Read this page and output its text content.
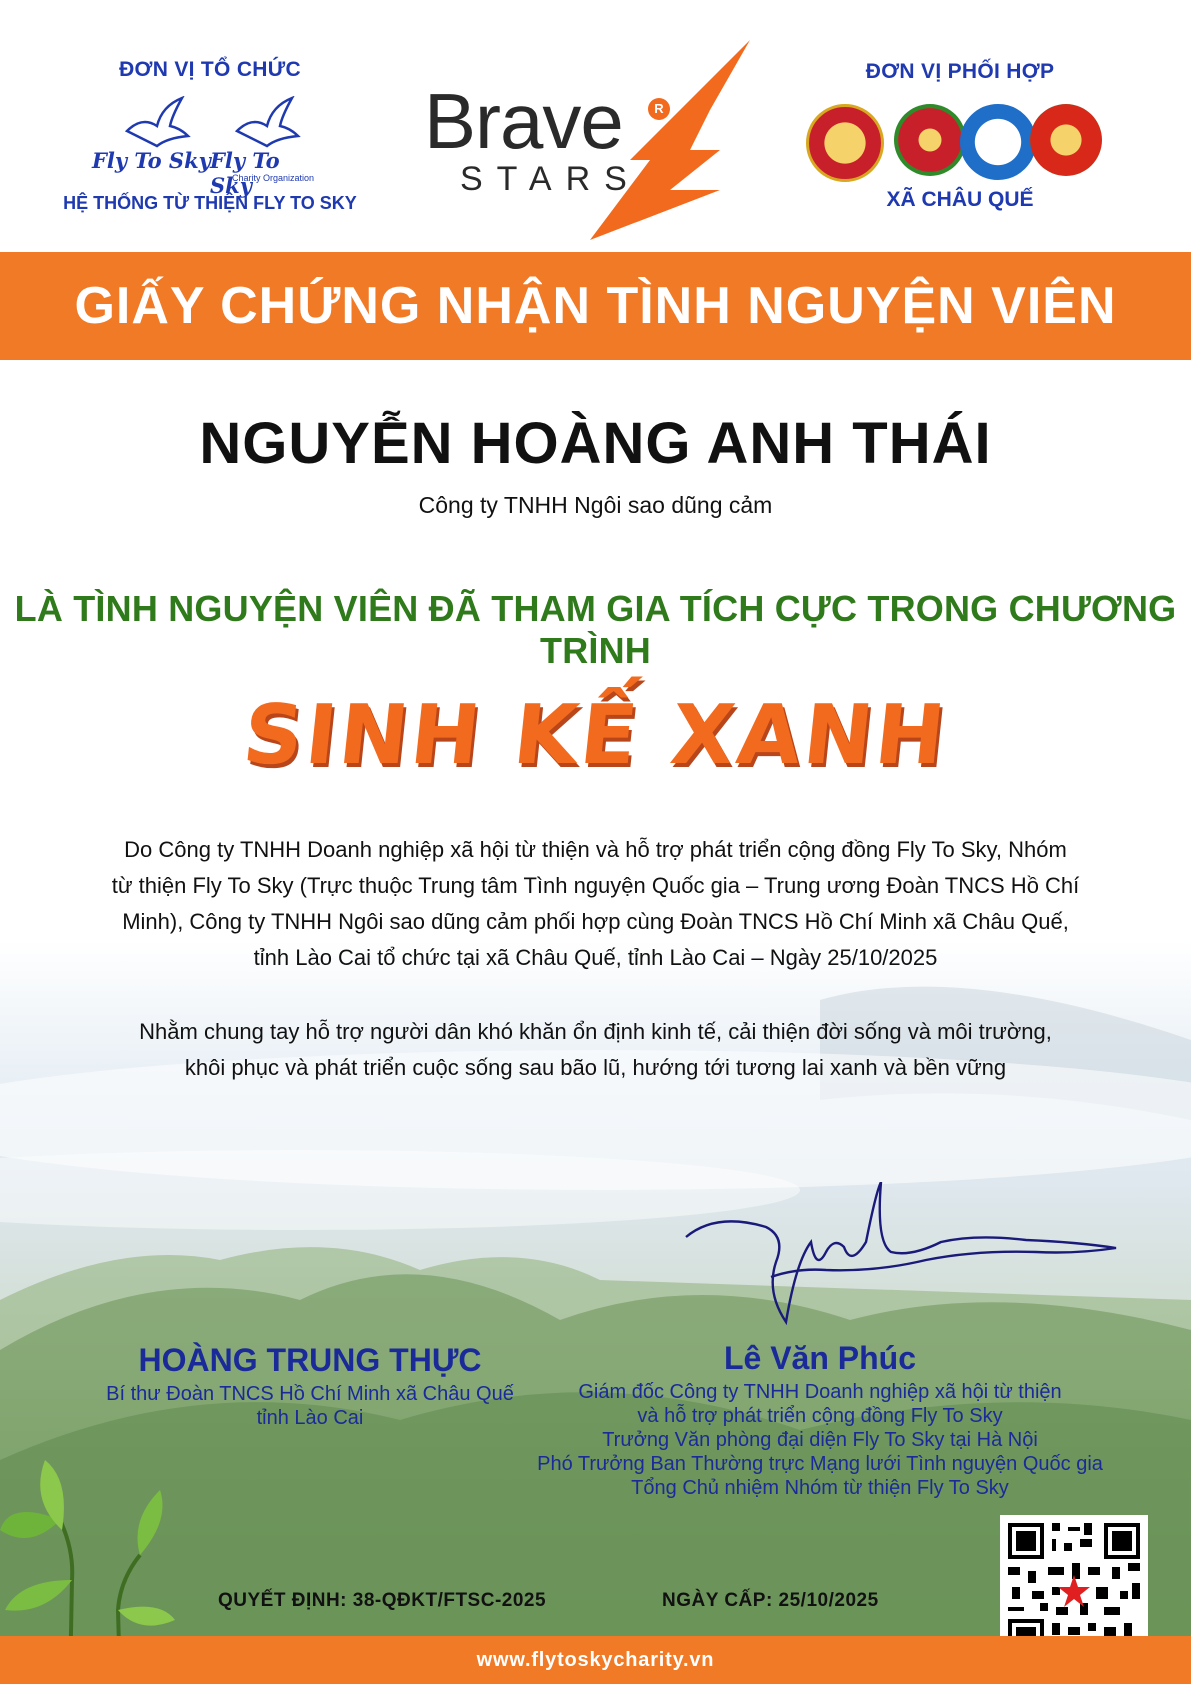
ĐƠN VỊ TỔ CHỨC
Fly To Sky Fly To Sky
Charity Organization
HỆ THỐNG TỪ THIỆN FLY TO SKY
Brave	R
STARS
ĐƠN VỊ PHỐI HỢP
XÃ CHÂU QUẾ
GIẤY CHỨNG NHẬN TÌNH NGUYỆN VIÊN
NGUYỄN HOÀNG ANH THÁI
Công ty TNHH Ngôi sao dũng cảm
LÀ TÌNH NGUYỆN VIÊN ĐÃ THAM GIA TÍCH CỰC TRONG CHƯƠNG TRÌNH
SINH KẾ XANH
Do Công ty TNHH Doanh nghiệp xã hội từ thiện và hỗ trợ phát triển cộng đồng Fly To Sky, Nhóm
từ thiện Fly To Sky (Trực thuộc Trung tâm Tình nguyện Quốc gia – Trung ương Đoàn TNCS Hồ Chí
Minh), Công ty TNHH Ngôi sao dũng cảm phối hợp cùng Đoàn TNCS Hồ Chí Minh xã Châu Quế,
tỉnh Lào Cai tổ chức tại xã Châu Quế, tỉnh Lào Cai – Ngày 25/10/2025
Nhằm chung tay hỗ trợ người dân khó khăn ổn định kinh tế, cải thiện đời sống và môi trường,
khôi phục và phát triển cuộc sống sau bão lũ, hướng tới tương lai xanh và bền vững
HOÀNG TRUNG THỰC
Bí thư Đoàn TNCS Hồ Chí Minh xã Châu Quế
tỉnh Lào Cai
Lê Văn Phúc
Giám đốc Công ty TNHH Doanh nghiệp xã hội từ thiện
và hỗ trợ phát triển cộng đồng Fly To Sky
Trưởng Văn phòng đại diện Fly To Sky tại Hà Nội
Phó Trưởng Ban Thường trực Mạng lưới Tình nguyện Quốc gia
Tổng Chủ nhiệm Nhóm từ thiện Fly To Sky
QUYẾT ĐỊNH: 38-QĐKT/FTSC-2025	NGÀY CẤP: 25/10/2025
www.flytoskycharity.vn
